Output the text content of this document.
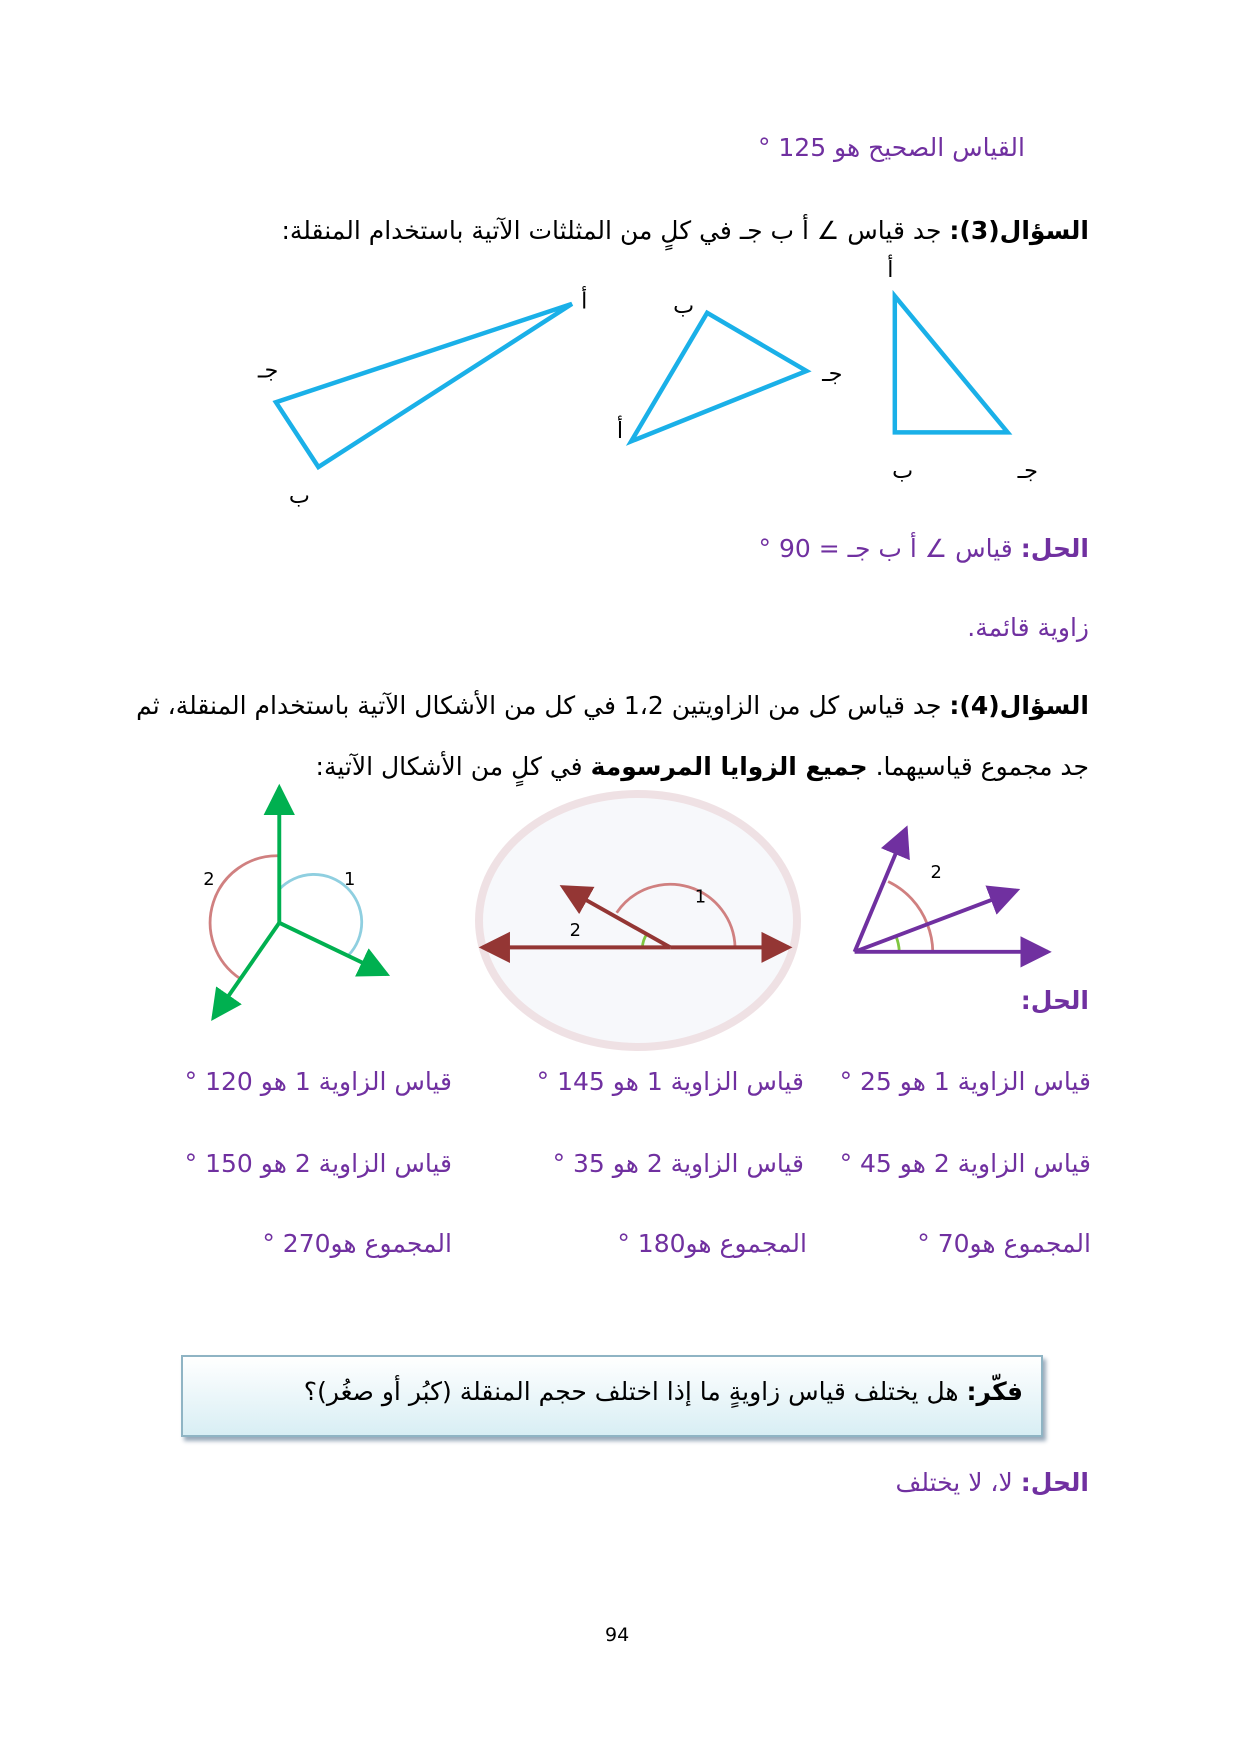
أ
ب	جـ
ب
جـ
أ
أ
جـ
ب
2
1
2
2	1
القياس الصحيح هو 125 °
السؤال(3): جد قياس ∠ أ ب جـ في كلٍ من المثلثات الآتية باستخدام المنقلة:
الحل: قياس ∠ أ ب جـ = 90 °
زاوية قائمة.
السؤال(4): جد قياس كل من الزاويتين 1،2 في كل من الأشكال الآتية باستخدام المنقلة، ثم
جد مجموع قياسيهما. جميع الزوايا المرسومة في كلٍ من الأشكال الآتية:
الحل:
قياس الزاوية 1 هو 25 °
قياس الزاوية 2 هو 45 °
المجموع هو70 °
قياس الزاوية 1 هو 145 °
قياس الزاوية 2 هو 35 °
المجموع هو180 °
قياس الزاوية 1 هو 120 °
قياس الزاوية 2 هو 150 °
المجموع هو270 °
فكّر: هل يختلف قياس زاويةٍ ما إذا اختلف حجم المنقلة (كبُر أو صغُر)؟
الحل: لا، لا يختلف
94
